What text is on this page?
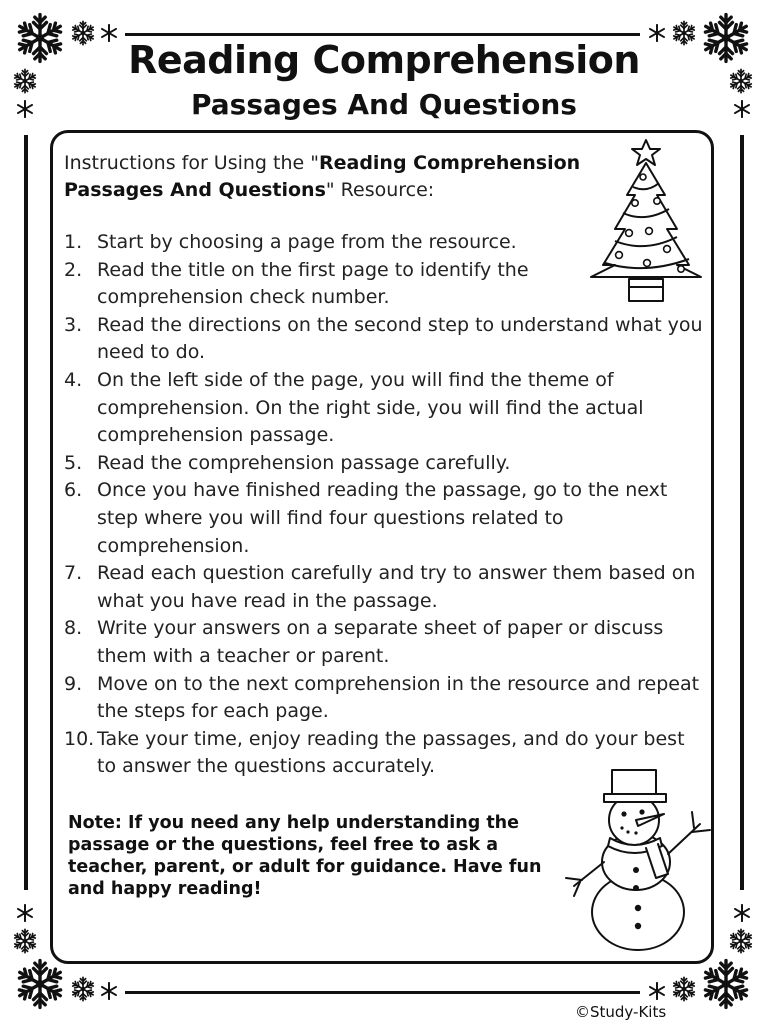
Reading Comprehension
Passages And Questions
Instructions for Using the "Reading Comprehension Passages And Questions" Resource:
1. Start by choosing a page from the resource.
2. Read the title on the first page to identify the comprehension check number.
3. Read the directions on the second step to understand what you need to do.
4. On the left side of the page, you will find the theme of comprehension. On the right side, you will find the actual comprehension passage.
5. Read the comprehension passage carefully.
6. Once you have finished reading the passage, go to the next step where you will find four questions related to comprehension.
7. Read each question carefully and try to answer them based on what you have read in the passage.
8. Write your answers on a separate sheet of paper or discuss them with a teacher or parent.
9. Move on to the next comprehension in the resource and repeat the steps for each page.
10. Take your time, enjoy reading the passages, and do your best to answer the questions accurately.
Note: If you need any help understanding the passage or the questions, feel free to ask a teacher, parent, or adult for guidance. Have fun and happy reading!
©Study-Kits
